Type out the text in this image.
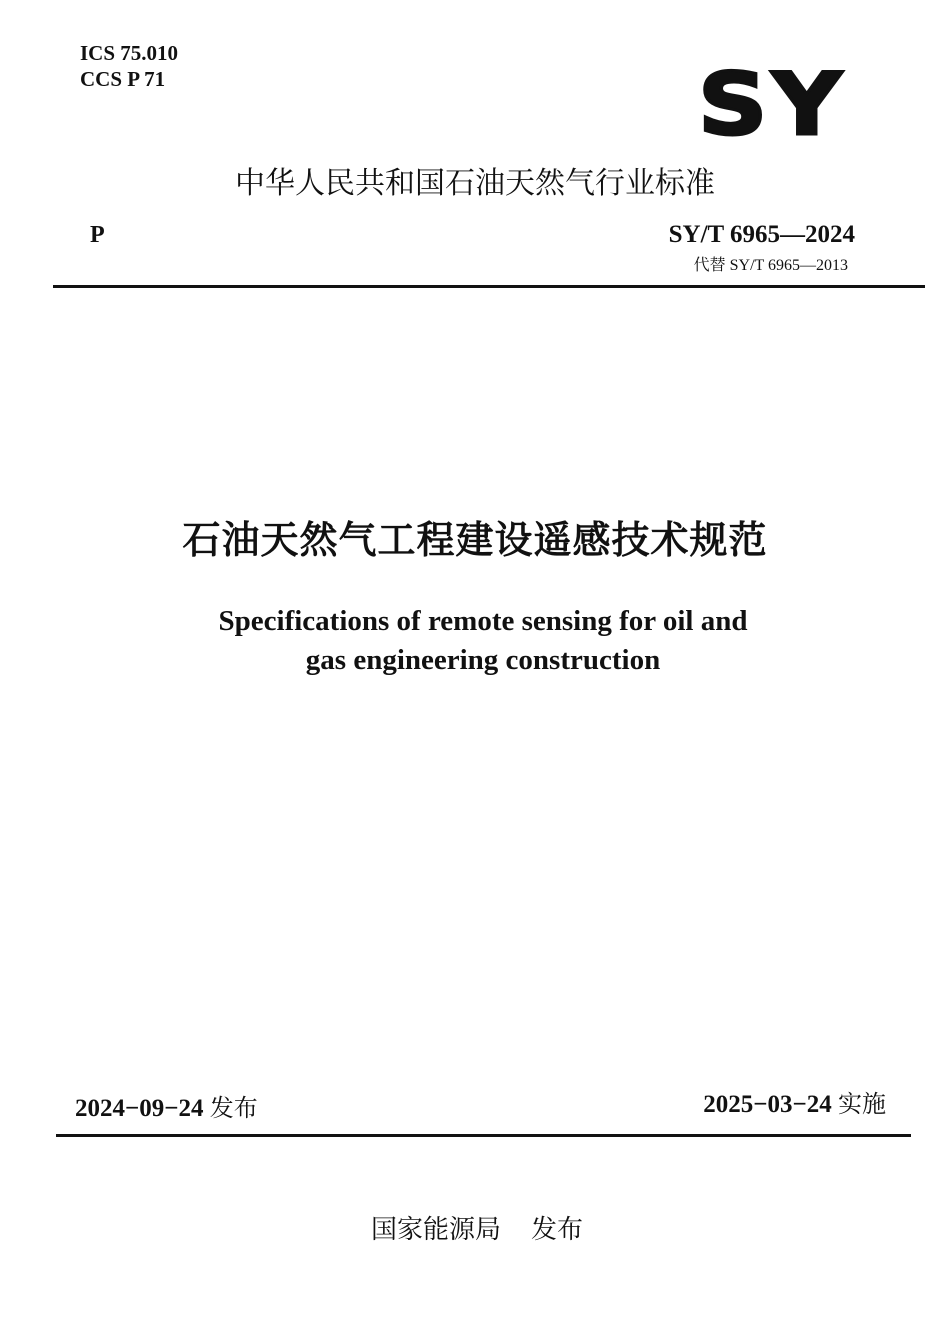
ICS 75.010
CCS P 71	SY
中华人民共和国石油天然气行业标准
P	SY/T 6965—2024
代替 SY/T 6965—2013
石油天然气工程建设遥感技术规范
Specifications of remote sensing for oil and
gas engineering construction
2024−09−24 发布	2025−03−24 实施
国家能源局 发布
